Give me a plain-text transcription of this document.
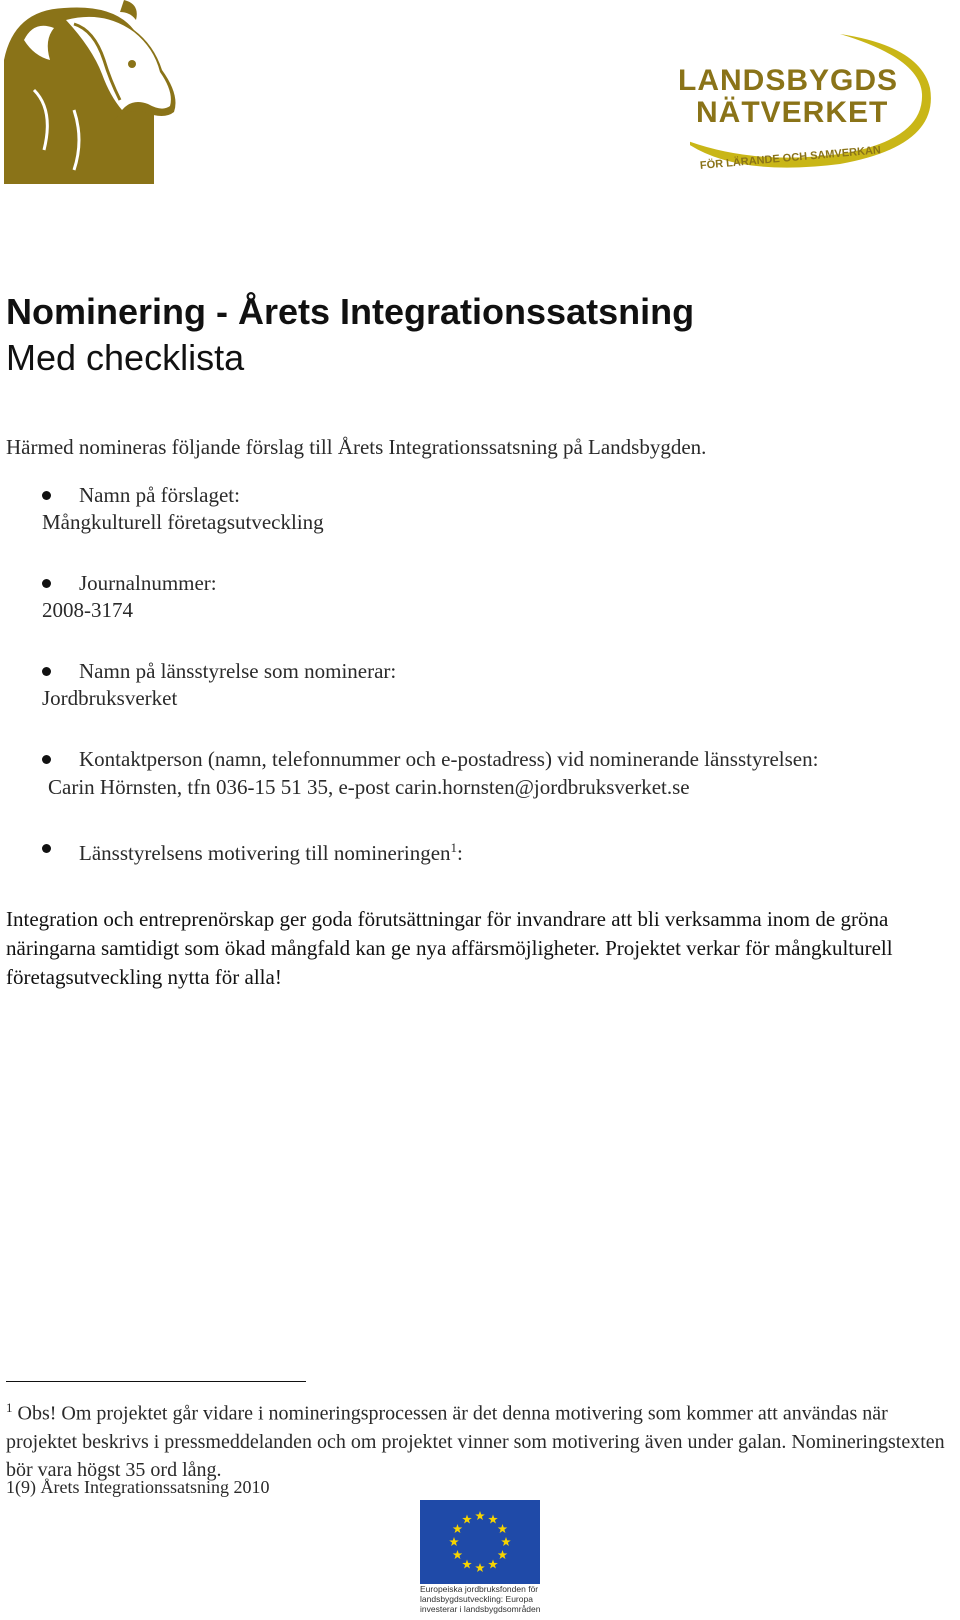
LANDSBYGDS
NÄTVERKET
FÖR LÄRANDE OCH SAMVERKAN
Nominering - Årets Integrationssatsning
Med checklista
Härmed nomineras följande förslag till Årets Integrationssatsning på Landsbygden.
Namn på förslaget:
Mångkulturell företagsutveckling
Journalnummer:
2008-3174
Namn på länsstyrelse som nominerar:
Jordbruksverket
Kontaktperson (namn, telefonnummer och e-postadress) vid nominerande länsstyrelsen:
Carin Hörnsten, tfn 036-15 51 35, e-post carin.hornsten@jordbruksverket.se
Länsstyrelsens motivering till nomineringen$^1$:
Integration och entreprenörskap ger goda förutsättningar för invandrare att bli verksamma inom de gröna näringarna samtidigt som ökad mångfald kan ge nya affärsmöjligheter. Projektet verkar för mångkulturell företagsutveckling nytta för alla!
$^1$ Obs! Om projektet går vidare i nomineringsprocessen är det denna motivering som kommer att användas när projektet beskrivs i pressmeddelanden och om projektet vinner som motivering även under galan. Nomineringstexten bör vara högst 35 ord lång.
1(9) Årets Integrationssatsning 2010
Europeiska jordbruksfonden för landsbygdsutveckling: Europa investerar i landsbygdsområden
